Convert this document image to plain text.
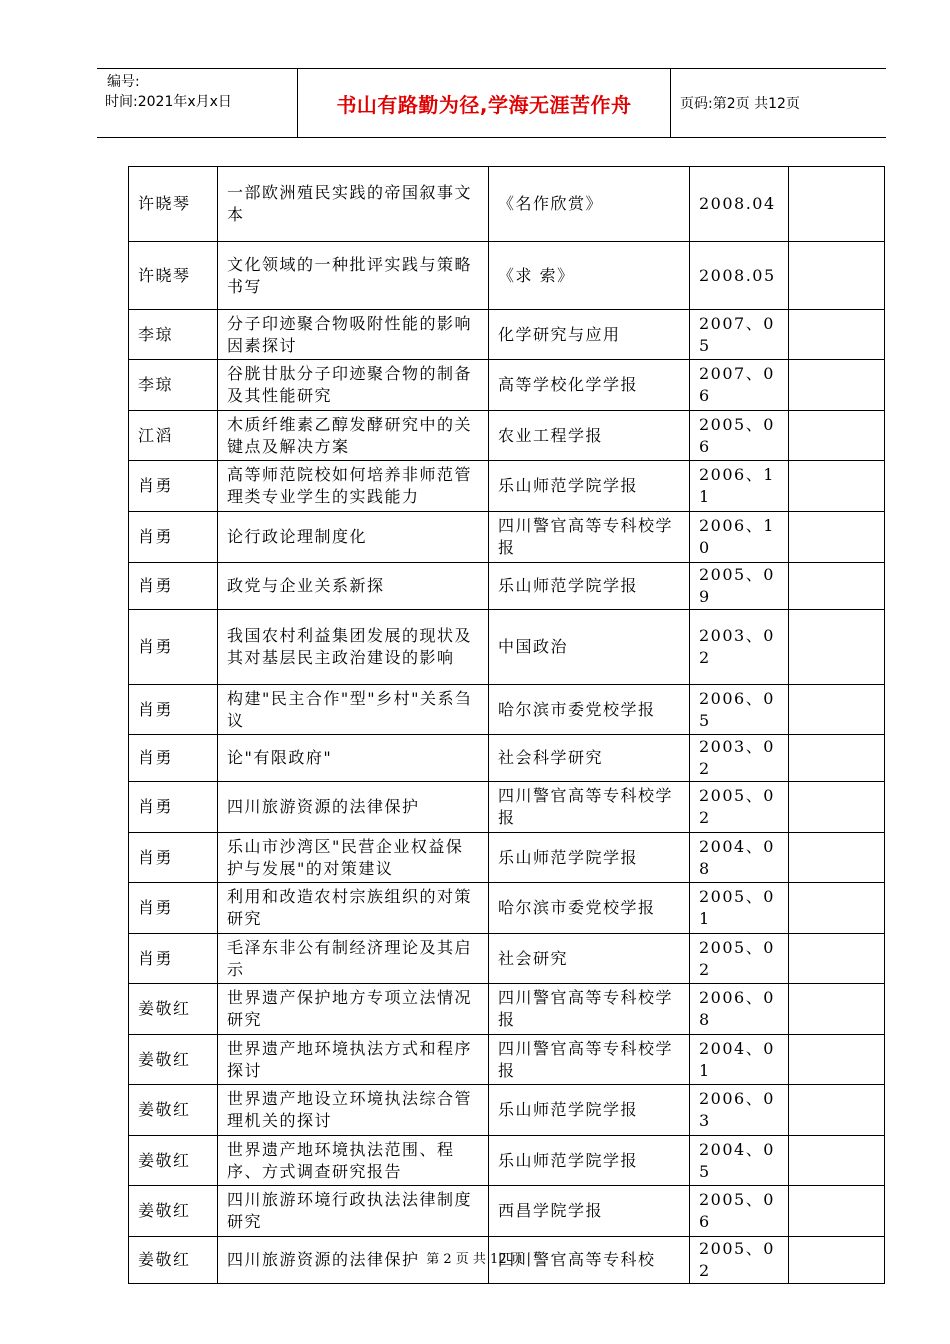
编号:
时间:2021年x月x日	书山有路勤为径,学海无涯苦作舟	页码:第2页 共12页
许晓琴	一部欧洲殖民实践的帝国叙事文本	《名作欣赏》	2008.04	
许晓琴	文化领域的一种批评实践与策略书写	《求 索》	2008.05	
李琼	分子印迹聚合物吸附性能的影响因素探讨	化学研究与应用	2007、05	
李琼	谷胱甘肽分子印迹聚合物的制备及其性能研究	高等学校化学学报	2007、06	
江滔	木质纤维素乙醇发酵研究中的关键点及解决方案	农业工程学报	2005、06	
肖勇	高等师范院校如何培养非师范管理类专业学生的实践能力	乐山师范学院学报	2006、11	
肖勇	论行政论理制度化	四川警官高等专科校学报	2006、10	
肖勇	政党与企业关系新探	乐山师范学院学报	2005、09	
肖勇	我国农村利益集团发展的现状及其对基层民主政治建设的影响	中国政治	2003、02	
肖勇	构建"民主合作"型"乡村"关系刍议	哈尔滨市委党校学报	2006、05	
肖勇	论"有限政府"	社会科学研究	2003、02	
肖勇	四川旅游资源的法律保护	四川警官高等专科校学报	2005、02	
肖勇	乐山市沙湾区"民营企业权益保护与发展"的对策建议	乐山师范学院学报	2004、08	
肖勇	利用和改造农村宗族组织的对策研究	哈尔滨市委党校学报	2005、01	
肖勇	毛泽东非公有制经济理论及其启示	社会研究	2005、02	
姜敬红	世界遗产保护地方专项立法情况研究	四川警官高等专科校学报	2006、08	
姜敬红	世界遗产地环境执法方式和程序探讨	四川警官高等专科校学报	2004、01	
姜敬红	世界遗产地设立环境执法综合管理机关的探讨	乐山师范学院学报	2006、03	
姜敬红	世界遗产地环境执法范围、程序、方式调查研究报告	乐山师范学院学报	2004、05	
姜敬红	四川旅游环境行政执法法律制度研究	西昌学院学报	2005、06	
姜敬红	四川旅游资源的法律保护	四川警官高等专科校	2005、02	
第 2 页 共 12 页
